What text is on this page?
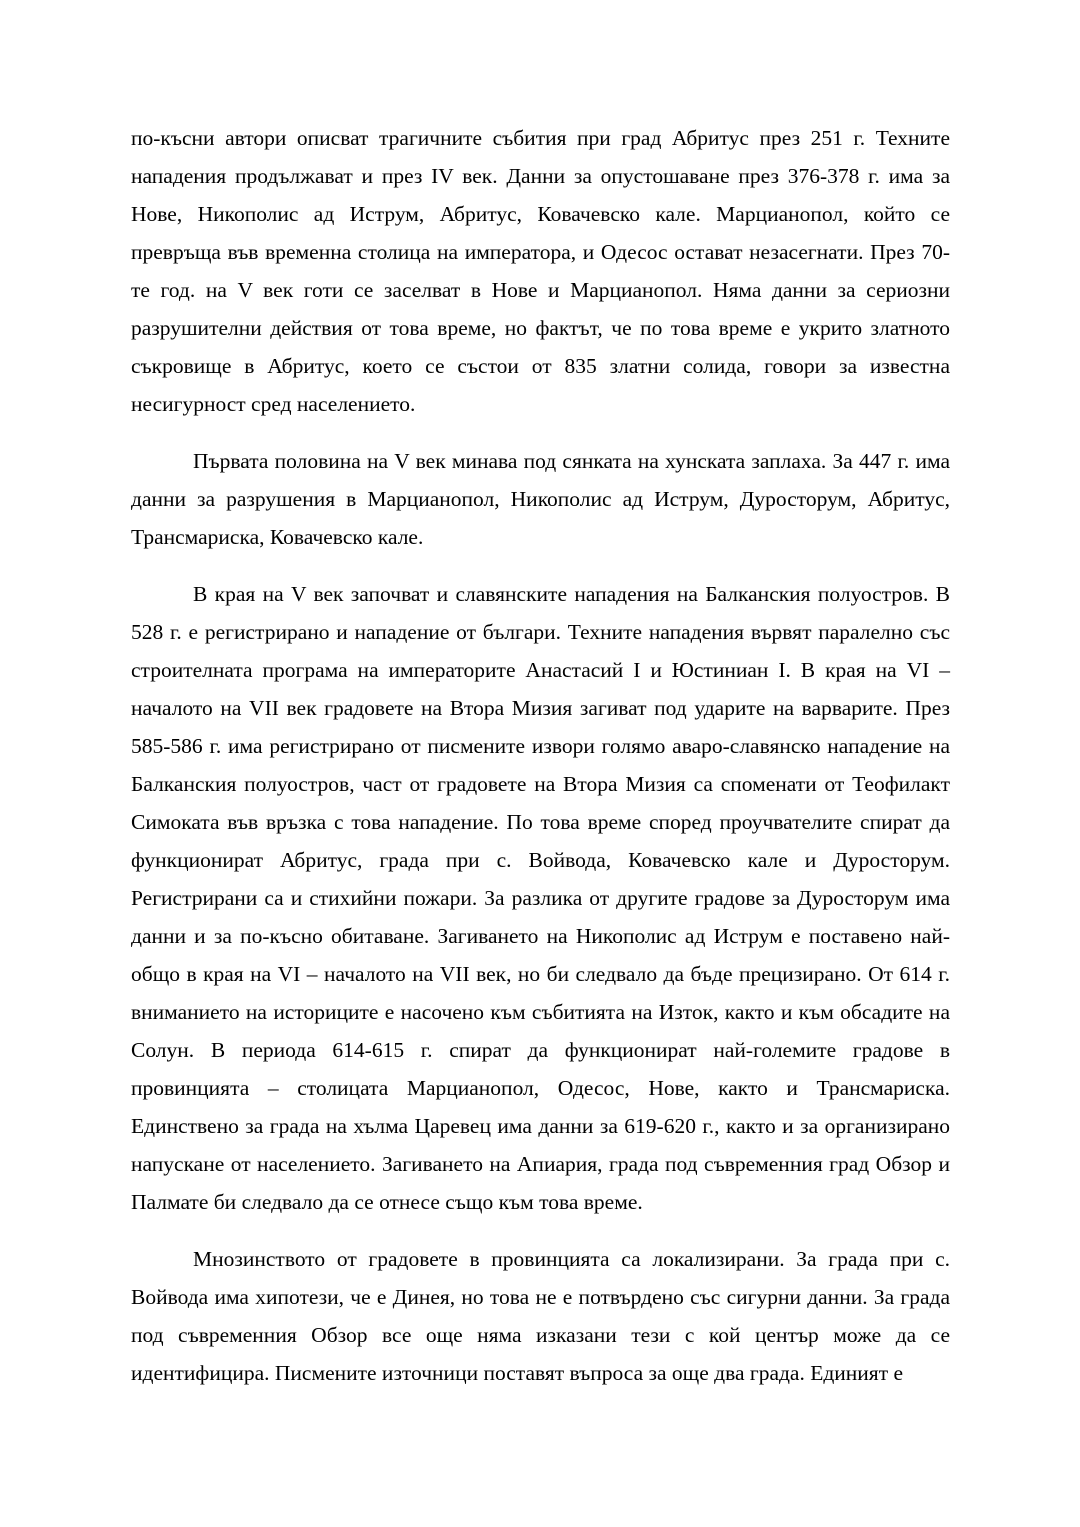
по-късни автори описват трагичните събития при град Абритус през 251 г. Техните нападения продължават и през IV век. Данни за опустошаване през 376-378 г. има за Нове, Никополис ад Иструм, Абритус, Ковачевско кале. Марцианопол, който се превръща във временна столица на императора, и Одесос остават незасегнати. През 70-те год. на V век готи се заселват в Нове и Марцианопол. Няма данни за сериозни разрушителни действия от това време, но фактът, че по това време е укрито златното съкровище в Абритус, което се състои от 835 златни солида, говори за известна несигурност сред населението.

Първата половина на V век минава под сянката на хунската заплаха. За 447 г. има данни за разрушения в Марцианопол, Никополис ад Иструм, Дуросторум, Абритус, Трансмариска, Ковачевско кале.

В края на V век започват и славянските нападения на Балканския полуостров. В 528 г. е регистрирано и нападение от българи. Техните нападения вървят паралелно със строителната програма на императорите Анастасий I и Юстиниан I. В края на VI – началото на VII век градовете на Втора Мизия загиват под ударите на варварите. През 585-586 г. има регистрирано от писмените извори голямо аваро-славянско нападение на Балканския полуостров, част от градовете на Втора Мизия са споменати от Теофилакт Симоката във връзка с това нападение. По това време според проучвателите спират да функционират Абритус, града при с. Войвода, Ковачевско кале и Дуросторум. Регистрирани са и стихийни пожари. За разлика от другите градове за Дуросторум има данни и за по-късно обитаване. Загиването на Никополис ад Иструм е поставено най-общо в края на VI – началото на VII век, но би следвало да бъде прецизирано. От 614 г. вниманието на историците е насочено към събитията на Изток, както и към обсадите на Солун. В периода 614-615 г. спират да функционират най-големите градове в провинцията – столицата Марцианопол, Одесос, Нове, както и Трансмариска. Единствено за града на хълма Царевец има данни за 619-620 г., както и за организирано напускане от населението. Загиването на Апиария, града под съвременния град Обзор и Палмате би следвало да се отнесе също към това време.

Мнозинството от градовете в провинцията са локализирани. За града при с. Войвода има хипотези, че е Динея, но това не е потвърдено със сигурни данни. За града под съвременния Обзор все още няма изказани тези с кой център може да се идентифицира. Писмените източници поставят въпроса за още два града. Единият е
